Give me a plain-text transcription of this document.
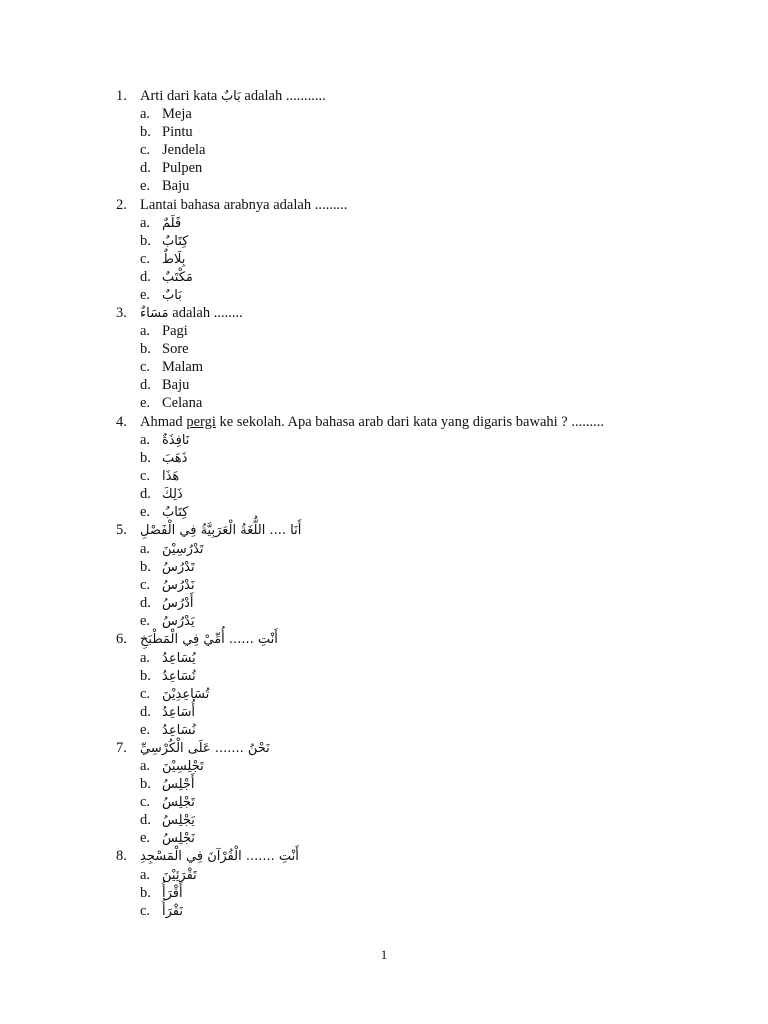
1. Arti dari kata بَابٌ adalah ...........
a. Meja
b. Pintu
c. Jendela
d. Pulpen
e. Baju
2. Lantai bahasa arabnya adalah .........
a. قَلَمٌ
b. كِتَابٌ
c. بِلَاطٌ
d. مَكْتَبٌ
e. بَابٌ
3. مَسَاءٌ adalah ........
a. Pagi
b. Sore
c. Malam
d. Baju
e. Celana
4. Ahmad pergi ke sekolah. Apa bahasa arab dari kata yang digaris bawahi ? .........
a. نَافِذَةٌ
b. ذَهَبَ
c. هَذَا
d. ذَلِكَ
e. كِتَابٌ
5. أَنَا .... اللُّغَةُ الْعَرَبِيَّةُ فِي الْفَصْلِ
a. تَدْرُسِيْنَ
b. تَدْرُسُ
c. نَدْرُسُ
d. أَدْرُسُ
e. يَدْرُسُ
6. أَنْتِ ...... أُمِّيْ فِي الْمَطْبَخِ
a. يُسَاعِدُ
b. تُسَاعِدُ
c. تُسَاعِدِيْنَ
d. أُسَاعِدُ
e. نُسَاعِدُ
7. نَحْنُ ....... عَلَى الْكُرْسِيِّ
a. تَجْلِسِيْنَ
b. أَجْلِسُ
c. تَجْلِسُ
d. يَجْلِسُ
e. نَجْلِسُ
8. أَنْتِ ....... الْقُرْآنَ فِي الْمَسْجِدِ
a. تَقْرَئِيْنَ
b. أَقْرَأُ
c. نَقْرَأُ
1
